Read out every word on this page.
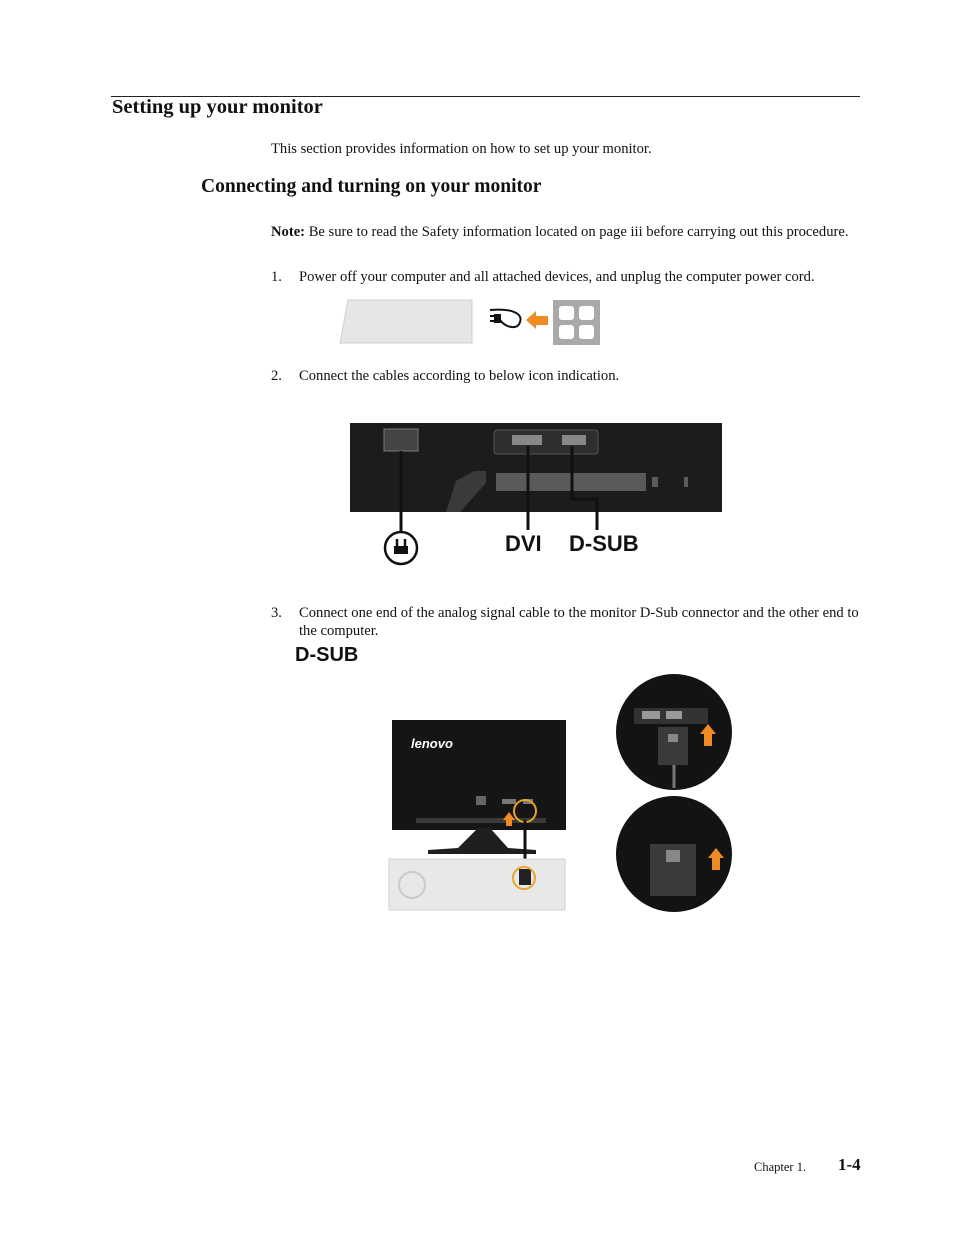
Setting up your monitor
This section provides information on how to set up your monitor.
Connecting and turning on your monitor
Note: Be sure to read the Safety information located on page iii before carrying out this procedure.
1. Power off your computer and all attached devices, and unplug the computer power cord.
2. Connect the cables according to below icon indication.
DVI D-SUB
3. Connect one end of the analog signal cable to the monitor D-Sub connector and the other end to the computer.
D-SUB
lenovo
Chapter 1. 1-4
